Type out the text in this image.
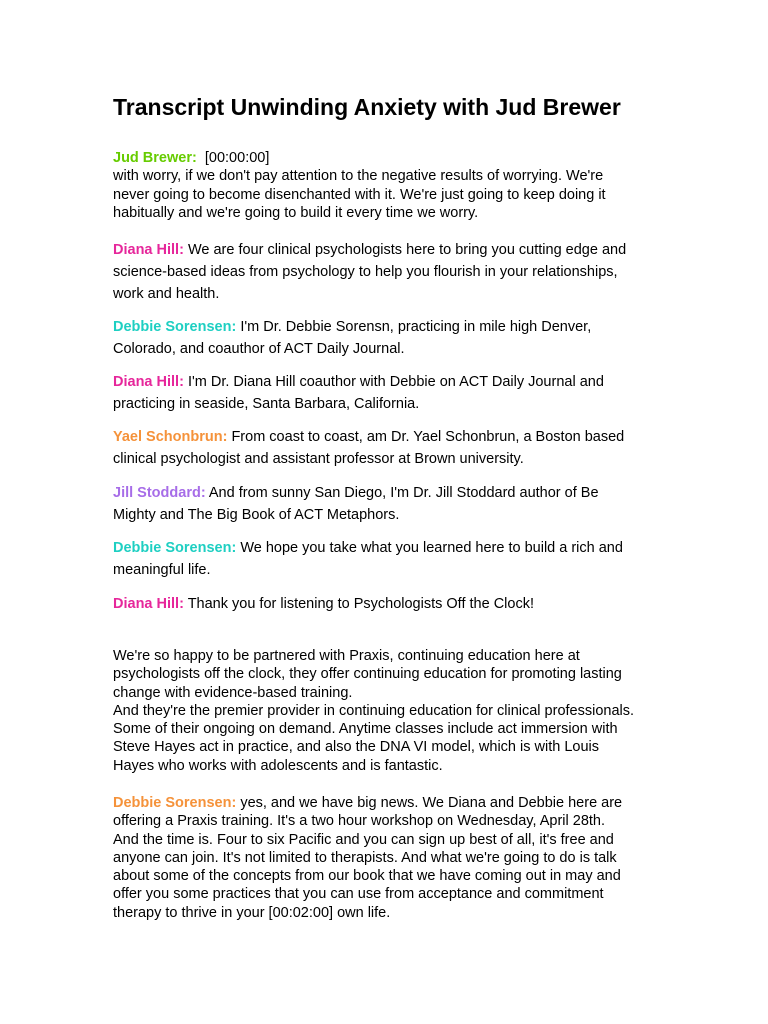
Transcript Unwinding Anxiety with Jud Brewer
Jud Brewer: [00:00:00]
with worry, if we don't pay attention to the negative results of worrying. We're
never going to become disenchanted with it. We're just going to keep doing it
habitually and we're going to build it every time we worry.
Diana Hill: We are four clinical psychologists here to bring you cutting edge and
science-based ideas from psychology to help you flourish in your relationships,
work and health.
Debbie Sorensen: I'm Dr. Debbie Sorensn, practicing in mile high Denver,
Colorado, and coauthor of ACT Daily Journal.
Diana Hill: I'm Dr. Diana Hill coauthor with Debbie on ACT Daily Journal and
practicing in seaside, Santa Barbara, California.
Yael Schonbrun: From coast to coast, am Dr. Yael Schonbrun, a Boston based
clinical psychologist and assistant professor at Brown university.
Jill Stoddard: And from sunny San Diego, I'm Dr. Jill Stoddard author of Be
Mighty and The Big Book of ACT Metaphors.
Debbie Sorensen: We hope you take what you learned here to build a rich and
meaningful life.
Diana Hill: Thank you for listening to Psychologists Off the Clock!
We're so happy to be partnered with Praxis, continuing education here at
psychologists off the clock, they offer continuing education for promoting lasting
change with evidence-based training.
And they're the premier provider in continuing education for clinical professionals.
Some of their ongoing on demand. Anytime classes include act immersion with
Steve Hayes act in practice, and also the DNA VI model, which is with Louis
Hayes who works with adolescents and is fantastic.
Debbie Sorensen: yes, and we have big news. We Diana and Debbie here are
offering a Praxis training. It's a two hour workshop on Wednesday, April 28th.
And the time is. Four to six Pacific and you can sign up best of all, it's free and
anyone can join. It's not limited to therapists. And what we're going to do is talk
about some of the concepts from our book that we have coming out in may and
offer you some practices that you can use from acceptance and commitment
therapy to thrive in your [00:02:00] own life.
